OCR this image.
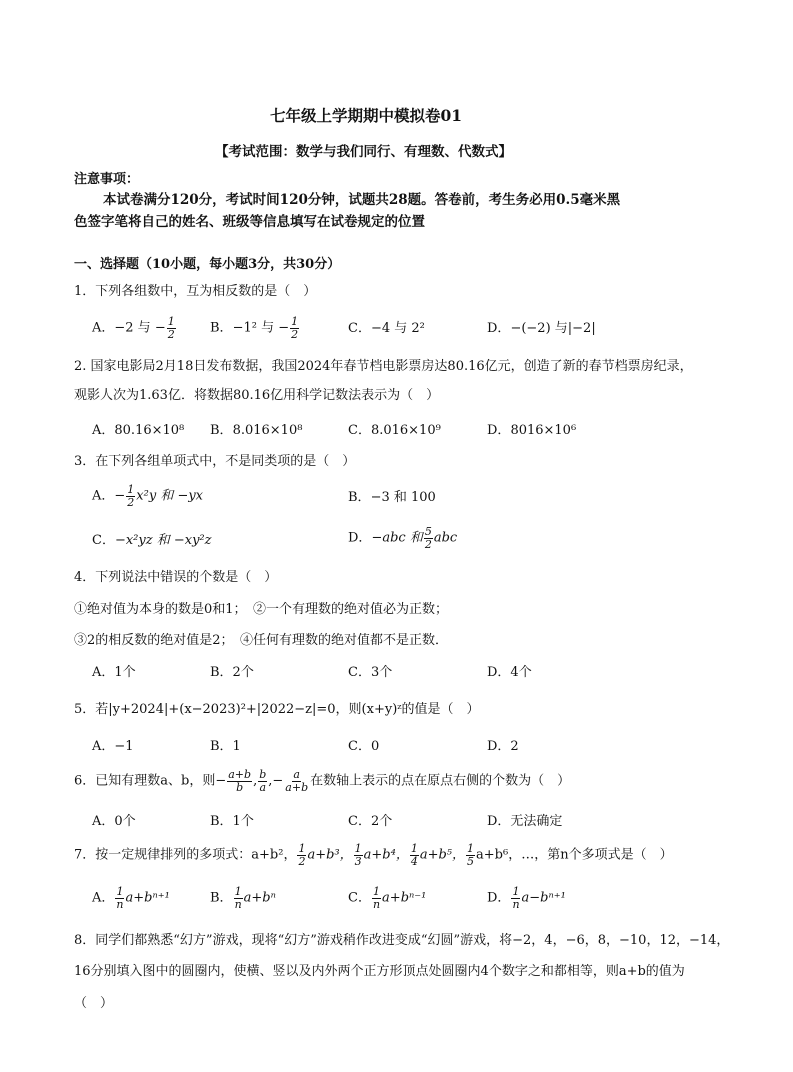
七年级上学期期中模拟卷01
【考试范围：数学与我们同行、有理数、代数式】
注意事项：
本试卷满分120分，考试时间120分钟，试题共28题。答卷前，考生务必用0.5毫米黑
色签字笔将自己的姓名、班级等信息填写在试卷规定的位置
一、选择题（10小题，每小题3分，共30分）
1．下列各组数中，互为相反数的是（　）
A．−2 与 − $\frac{1}{2}$	B．−1² 与 − $\frac{1}{2}$	C．−4 与 2²	D．−(−2) 与|−2|
2. 国家电影局2月18日发布数据，我国2024年春节档电影票房达80.16亿元，创造了新的春节档票房纪录，
观影人次为1.63亿．将数据80.16亿用科学记数法表示为（　）
A．80.16×10⁸ B．8.016×10⁸	C．8.016×10⁹	D．8016×10⁶
3．在下列各组单项式中，不是同类项的是（　）
A．− $\frac{1}{2} x^2y$ 和 −yx	B．−3 和 100
C．−x²yz 和 −xy²z	D．−abc 和 $\frac{5}{2}$ abc
4．下列说法中错误的个数是（　）
①绝对值为本身的数是0和1；　②一个有理数的绝对值必为正数；
③2的相反数的绝对值是2；　④任何有理数的绝对值都不是正数．
A．1个	B．2个	C．3个	D．4个
5．若|y+2024|+(x−2023)²+|2022−z|=0，则(x+y)ᶻ的值是（　）
A．−1	B．1	C．0	D．2
6．已知有理数a、b，则− $\frac{a+b}{b}$ , $\frac{b}{a}$ ,− $\frac{a}{a+b}$ 在数轴上表示的点在原点右侧的个数为（　）
A．0个	B．1个	C．2个	D．无法确定
7．按一定规律排列的多项式：a+b²， $\frac{1}{2} a+b^3$， $\frac{1}{3} a+b^4$， $\frac{1}{4} a+b^5$， $\frac{1}{5} a+b^6$，…，第n个多项式是（　）
A． $\frac{1}{n} a+b^{n+1}$	B． $\frac{1}{n} a+b^n$	C． $\frac{1}{n} a+b^{n-1}$	D． $\frac{1}{n} a-b^{n+1}$
8．同学们都熟悉“幻方”游戏，现将“幻方”游戏稍作改进变成“幻圆”游戏，将−2，4，−6，8，−10，12，−14，
16分别填入图中的圆圈内，使横、竖以及内外两个正方形顶点处圆圈内4个数字之和都相等，则a+b的值为
（　）
